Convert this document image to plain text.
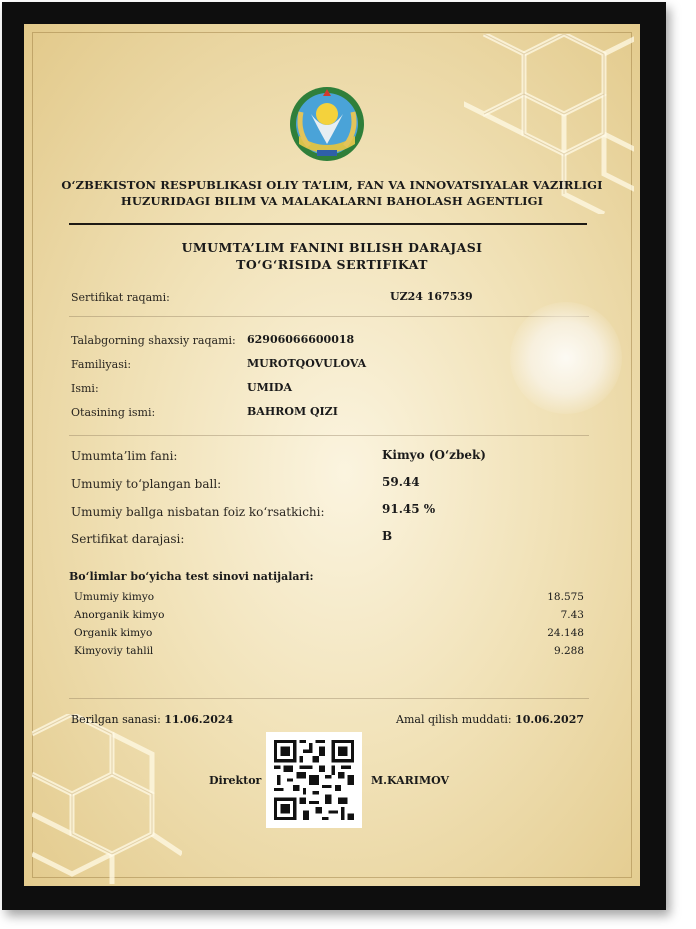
O‘ZBEKISTON RESPUBLIKASI OLIY TA’LIM, FAN VA INNOVATSIYALAR VAZIRLIGI
HUZURIDAGI BILIM VA MALAKALARNI BAHOLASH AGENTLIGI
UMUMTA’LIM FANINI BILISH DARAJASI
TO‘G‘RISIDA SERTIFIKAT
Sertifikat raqami:	UZ24 167539
Talabgorning shaxsiy raqami: 62906066600018
Familiyasi:	MUROTQOVULOVA
Ismi:	UMIDA
Otasining ismi:	BAHROM QIZI
Umumta’lim fani:	Kimyo (O‘zbek)
Umumiy to‘plangan ball:	59.44
Umumiy ballga nisbatan foiz ko‘rsatkichi:	91.45 %
Sertifikat darajasi:	B
Bo‘limlar bo‘yicha test sinovi natijalari:
Umumiy kimyo	18.575
Anorganik kimyo	7.43
Organik kimyo	24.148
Kimyoviy tahlil	9.288
Berilgan sanasi: 11.06.2024	Amal qilish muddati: 10.06.2027
Direktor	M.KARIMOV
